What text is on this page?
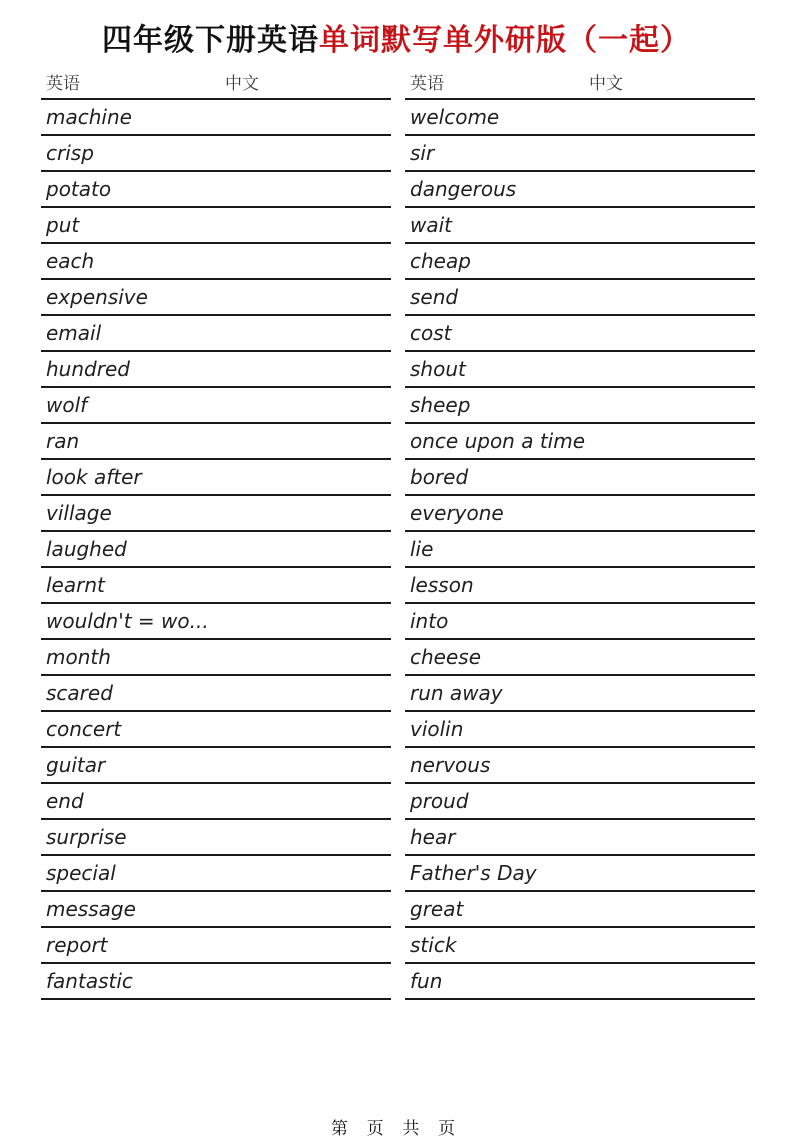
四年级下册英语单词默写单外研版（一起）
英语	中文
machine
crisp
potato
put
each
expensive
email
hundred
wolf
ran
look after
village
laughed
learnt
wouldn't = wo...
month
scared
concert
guitar
end
surprise
special
message
report
fantastic
英语	中文
welcome
sir
dangerous
wait
cheap
send
cost
shout
sheep
once upon a time
bored
everyone
lie
lesson
into
cheese
run away
violin
nervous
proud
hear
Father's Day
great
stick
fun
第 页 共 页
